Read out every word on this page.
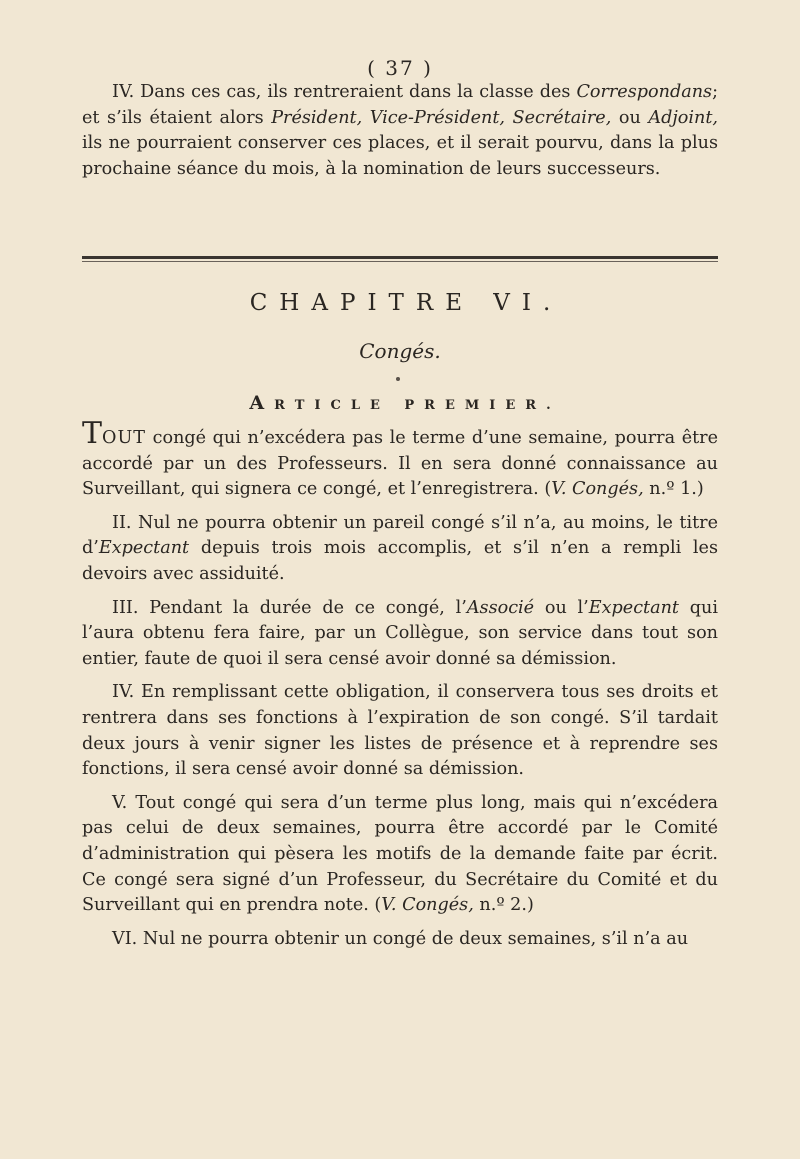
( 37 )

IV. Dans ces cas, ils rentreraient dans la classe des Correspondans; et s’ils étaient alors Président, Vice-Président, Secrétaire, ou Adjoint, ils ne pourraient conserver ces places, et il serait pourvu, dans la plus prochaine séance du mois, à la nomination de leurs successeurs.

CHAPITRE VI.
Congés.
ARTICLE PREMIER.

TOUT congé qui n’excédera pas le terme d’une semaine, pourra être accordé par un des Professeurs. Il en sera donné connaissance au Surveillant, qui signera ce congé, et l’enregistrera. (V. Congés, n.º 1.)

II. Nul ne pourra obtenir un pareil congé s’il n’a, au moins, le titre d’Expectant depuis trois mois accomplis, et s’il n’en a rempli les devoirs avec assiduité.

III. Pendant la durée de ce congé, l’Associé ou l’Expectant qui l’aura obtenu fera faire, par un Collègue, son service dans tout son entier, faute de quoi il sera censé avoir donné sa démission.

IV. En remplissant cette obligation, il conservera tous ses droits et rentrera dans ses fonctions à l’expiration de son congé. S’il tardait deux jours à venir signer les listes de présence et à reprendre ses fonctions, il sera censé avoir donné sa démission.

V. Tout congé qui sera d’un terme plus long, mais qui n’excédera pas celui de deux semaines, pourra être accordé par le Comité d’administration qui pèsera les motifs de la demande faite par écrit. Ce congé sera signé d’un Professeur, du Secrétaire du Comité et du Surveillant qui en prendra note. (V. Congés, n.º 2.)

VI. Nul ne pourra obtenir un congé de deux semaines, s’il n’a au
